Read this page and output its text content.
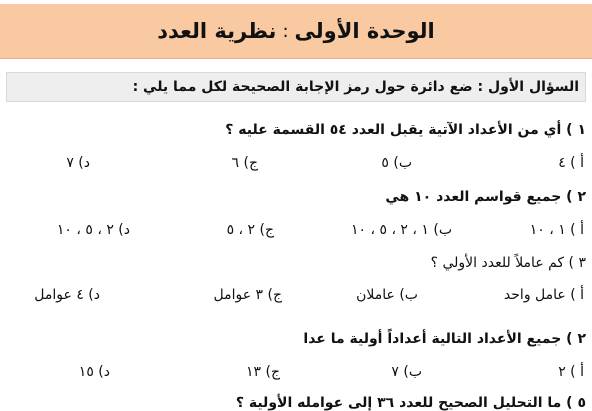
الوحدة الأولى
:
نظرية العدد
السؤال الأول : ضع دائرة حول رمز الإجابة الصحيحة لكل مما يلي :
١ ) أي من الأعداد الآتية يقبل العدد ٥٤ القسمة عليه ؟
أ ) ٤
ب) ٥
ج) ٦
د) ٧
٢ ) جميع قواسم العدد ١٠ هي
أ ) ١ ، ١٠
ب) ١ ، ٢ ، ٥ ، ١٠
ج) ٢ ، ٥
د) ٢ ، ٥ ، ١٠
٣ ) كم عاملاً للعدد الأولي ؟
أ ) عامل واحد
ب) عاملان
ج) ٣ عوامل
د) ٤ عوامل
٢ ) جميع الأعداد التالية أعداداً أولية ما عدا
أ ) ٢
ب) ٧
ج) ١٣
د) ١٥
٥ ) ما التحليل الصحيح للعدد ٣٦ إلى عوامله الأولية ؟
